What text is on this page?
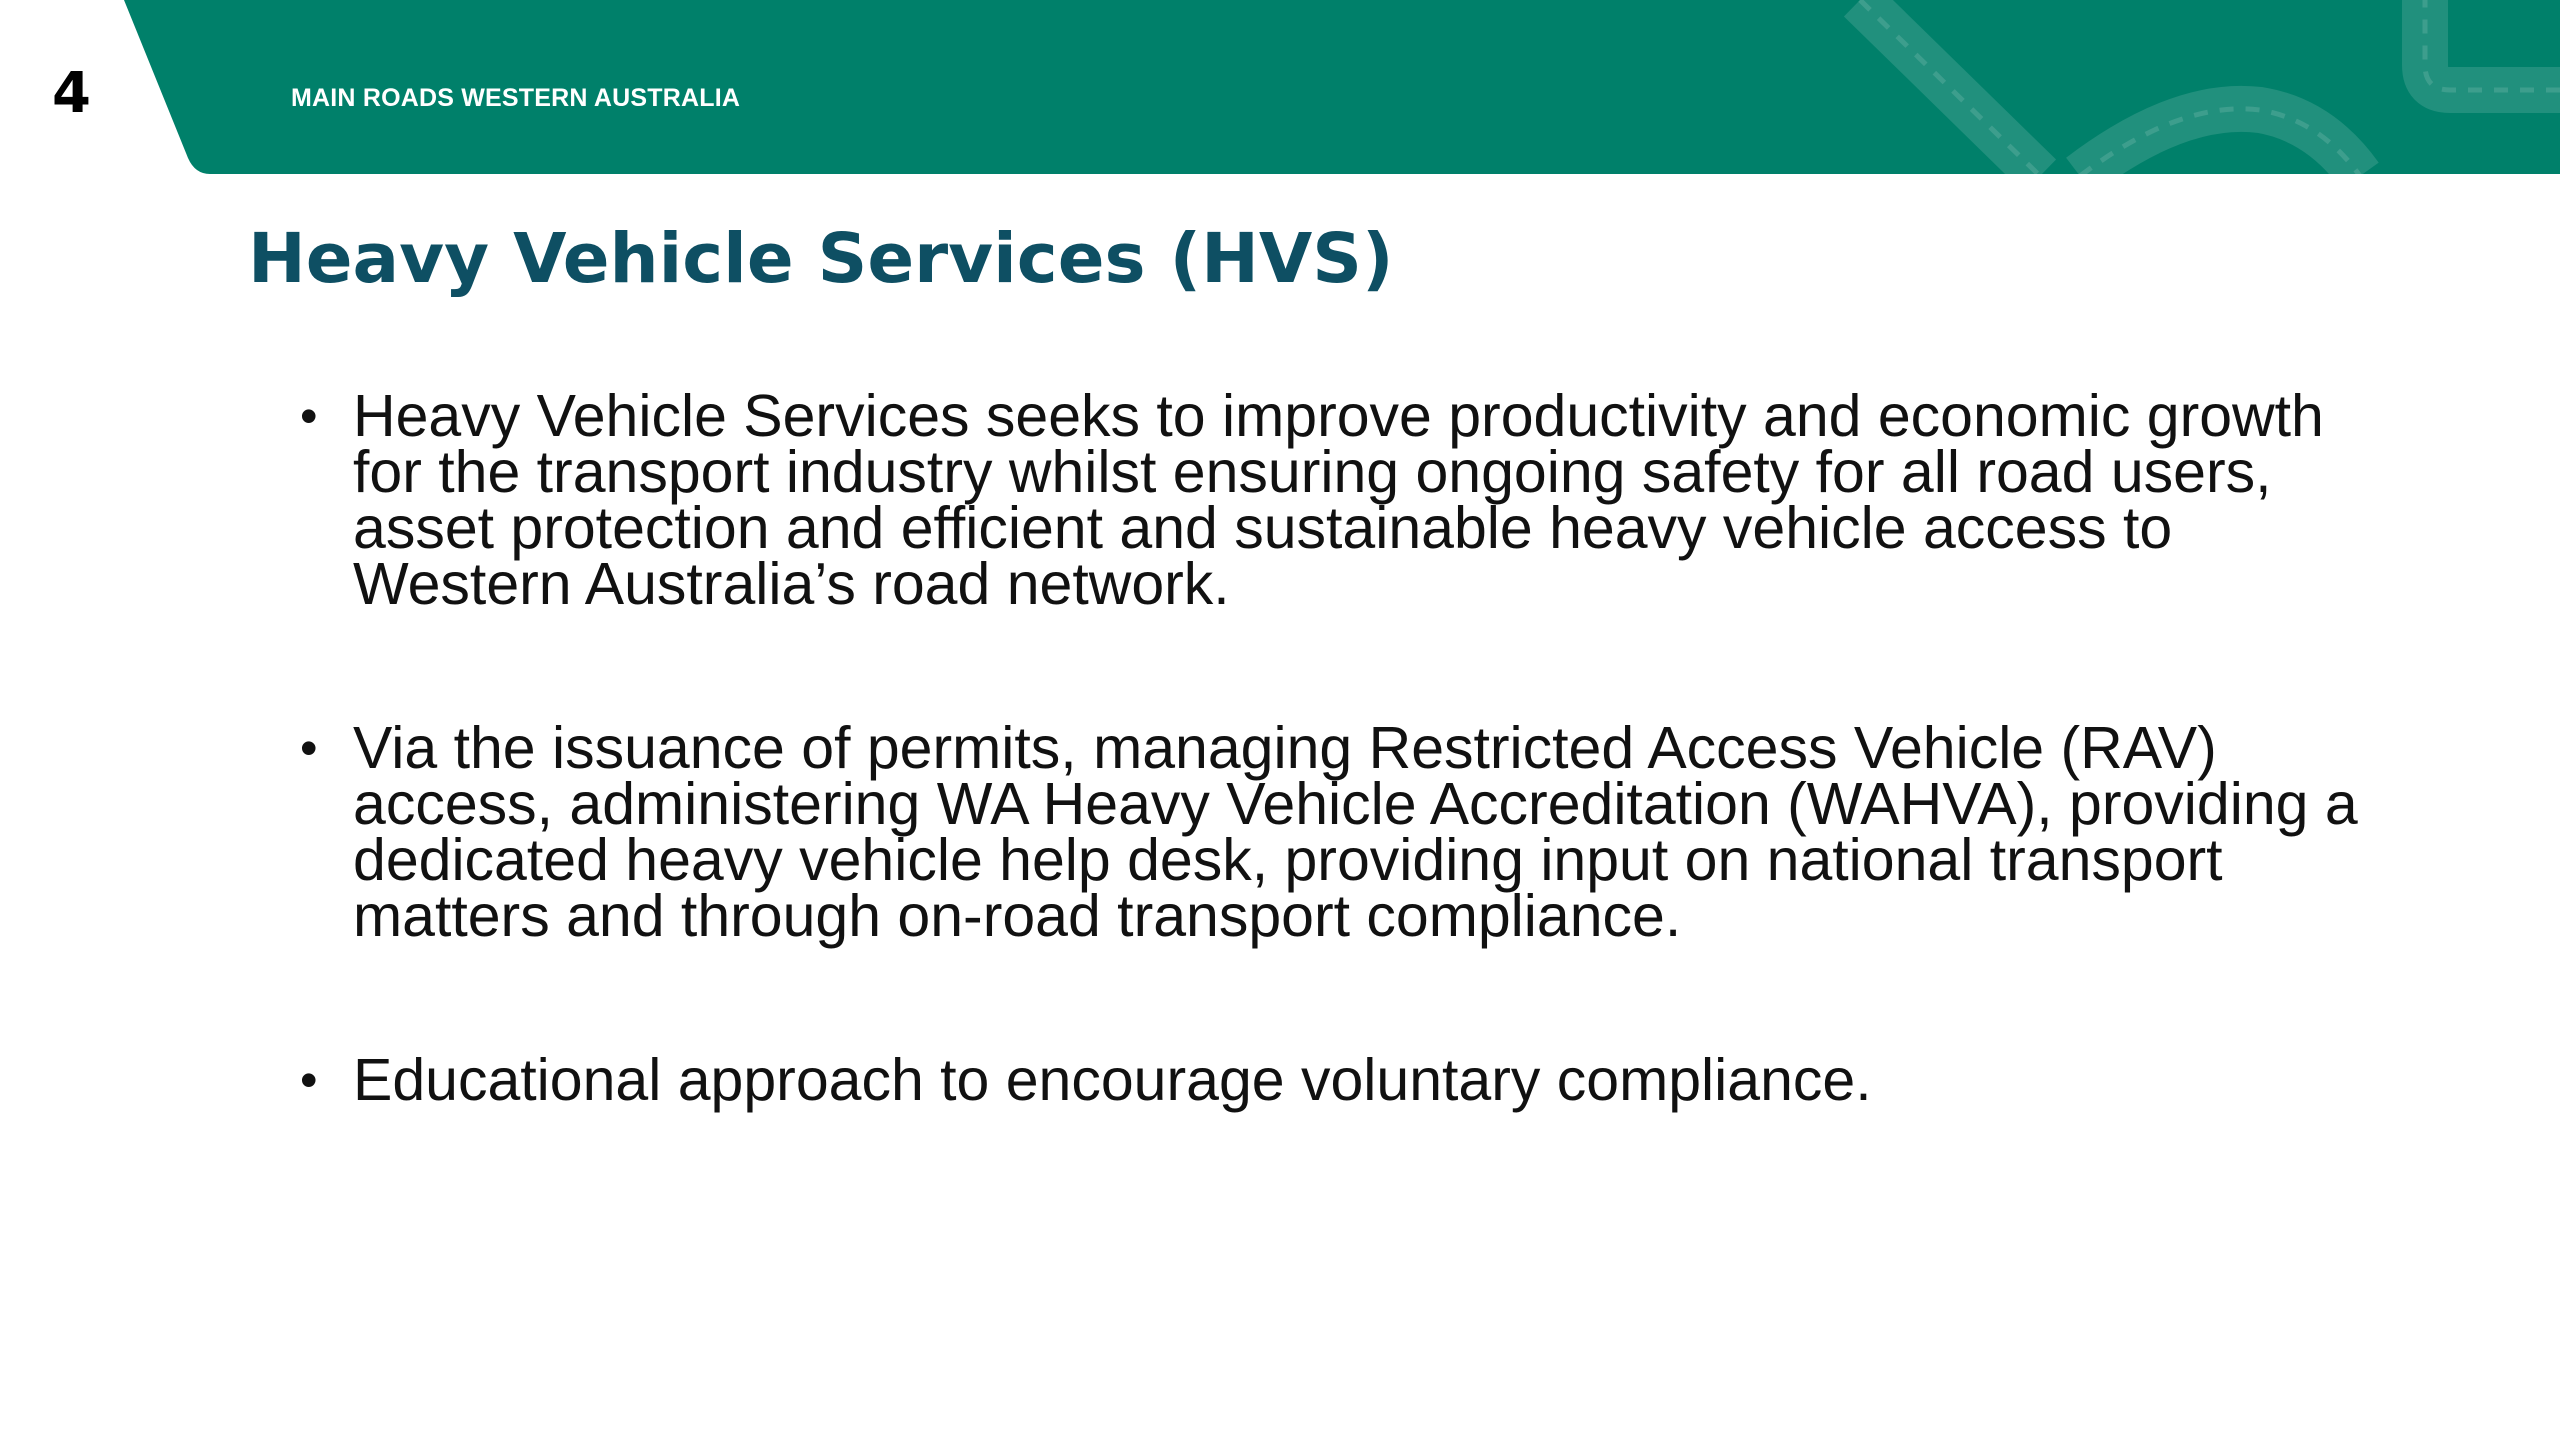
4	MAIN ROADS WESTERN AUSTRALIA
Heavy Vehicle Services (HVS)
• Heavy Vehicle Services seeks to improve productivity and economic growth for the transport industry whilst ensuring ongoing safety for all road users, asset protection and efficient and sustainable heavy vehicle access to Western Australia’s road network.
• Via the issuance of permits, managing Restricted Access Vehicle (RAV) access, administering WA Heavy Vehicle Accreditation (WAHVA), providing a dedicated heavy vehicle help desk, providing input on national transport matters and through on-road transport compliance.
• Educational approach to encourage voluntary compliance.
